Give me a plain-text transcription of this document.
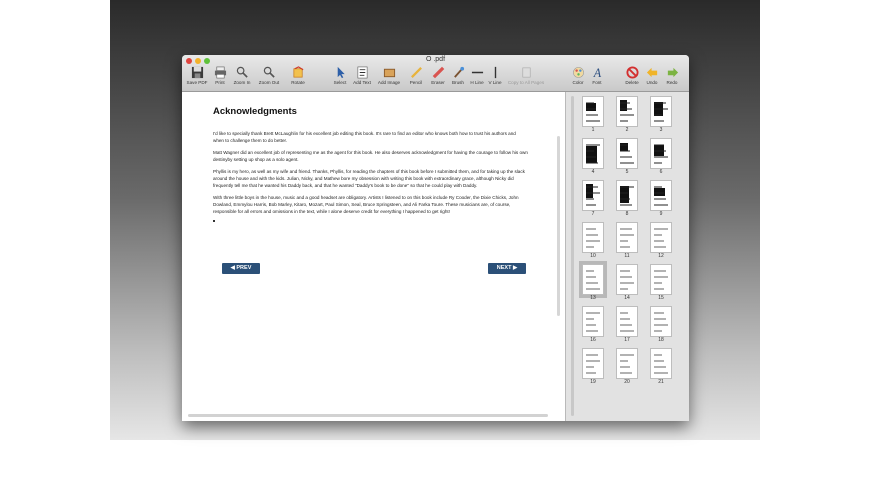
O .pdf
Save PDF	Print	Zoom In	Zoom Out	Rotate	Select	Add Text	Add Image	Pencil	Eraser	Brush	H Line	V Line	Copy to All Pages	Color
A
Font	Delete	Undo	Redo
Acknowledgments

I'd like to specially thank Brett McLaughlin for his excellent job editing this book. It's rare to find an editor who knows both how to trust his authors and when to challenge them to do better.

Matt Wagner did an excellent job of representing me as the agent for this book. He also deserves acknowledgment for having the courage to follow his own destinyby setting up shop as a solo agent.

Phyllis is my hero, as well as my wife and friend. Thanks, Phyllis, for reading the chapters of this book before I submitted them, and for taking up the slack around the house and with the kids. Julian, Nicky, and Mathew bore my obsession with writing this book with extraordinary grace, although Nicky did frequently tell me that he wanted his Daddy back, and that he wanted "Daddy's book to be done" so that he could play with Daddy.

With three little boys in the house, music and a good headset are obligatory. Artists I listened to on this book include Ry Cooder, the Dixie Chicks, John Dowland, Emmylou Harris, Bob Marley, Kitaro, Mozart, Paul Simon, Seal, Bruce Springsteen, and Ali Farka Toure. These musicians are, of course, responsible for all errors and omissions in the text, while I alone deserve credit for everything I happened to get right!

◀ PREV	NEXT ▶
1	2	3
4	5	6
7	8	9
10	11	12
13	14	15
16	17	18
19	20	21
